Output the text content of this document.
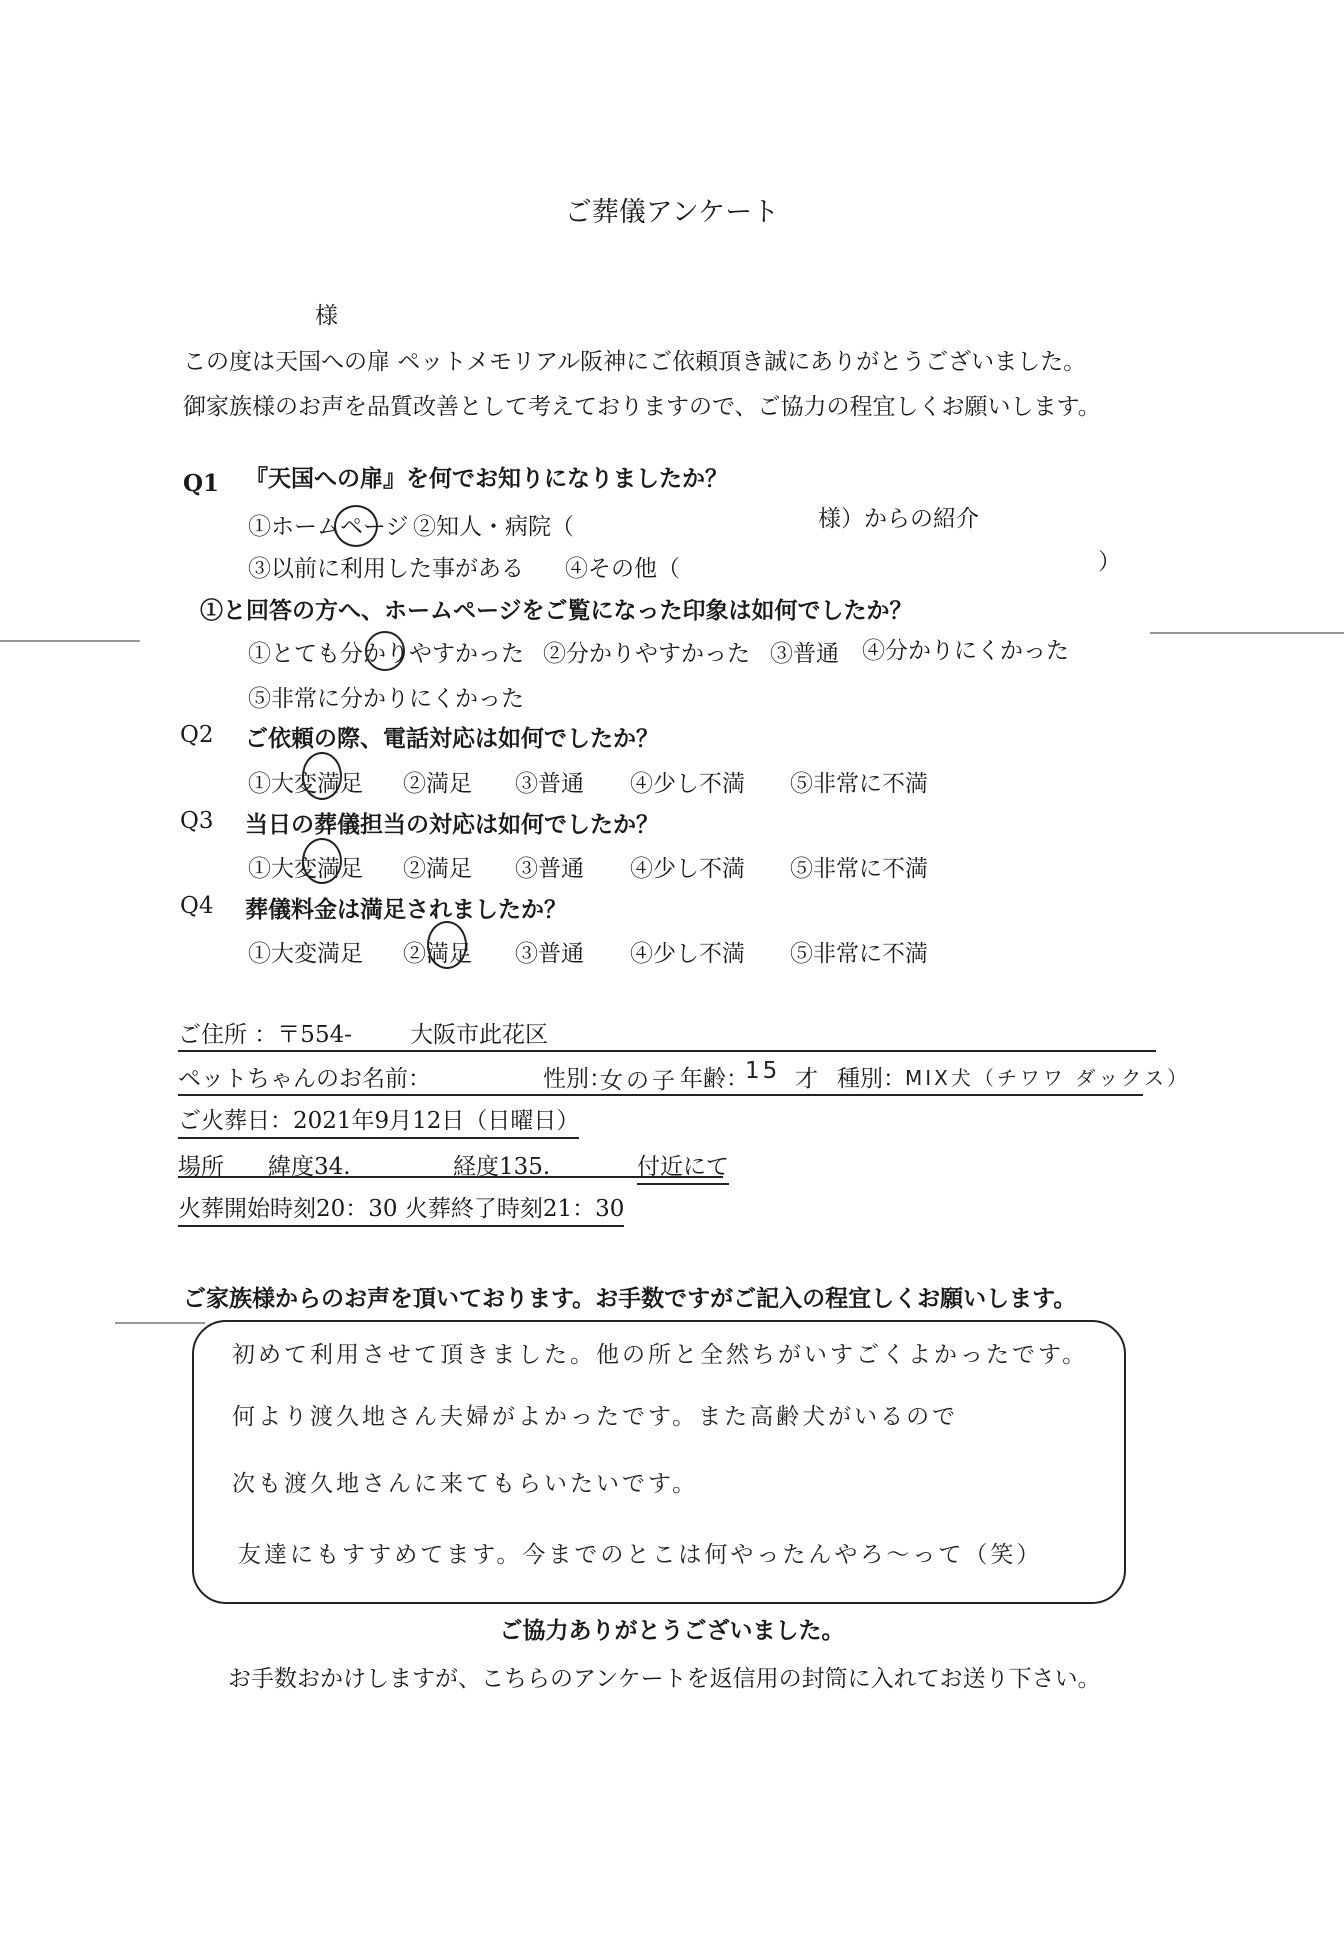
ご葬儀アンケート
様
この度は天国への扉 ペットメモリアル阪神にご依頼頂き誠にありがとうございました。
御家族様のお声を品質改善として考えておりますので、ご協力の程宜しくお願いします。
Q1 『天国への扉』を何でお知りになりましたか？
①ホームページ ②知人・病院（	様）からの紹介
③以前に利用した事がある ④その他（	）
①と回答の方へ、ホームページをご覧になった印象は如何でしたか？
①とても分かりやすかった ②分かりやすかった ③普通 ④分かりにくかった
⑤非常に分かりにくかった
Q2 ご依頼の際、電話対応は如何でしたか？
①大変満足 ②満足 ③普通 ④少し不満 ⑤非常に不満
Q3 当日の葬儀担当の対応は如何でしたか？
①大変満足 ②満足 ③普通 ④少し不満 ⑤非常に不満
Q4 葬儀料金は満足されましたか？
①大変満足 ②満足 ③普通 ④少し不満 ⑤非常に不満
ご住所 ：〒554-	大阪市此花区
ペットちゃんのお名前：	性別：
女の子 年齢：
15 才 種別： MIX犬（チワワ ダックス）
ご火葬日：2021年9月12日（日曜日）
場所 緯度34.	経度135.	付近にて
火葬開始時刻20：30 火葬終了時刻21：30
ご家族様からのお声を頂いております。お手数ですがご記入の程宜しくお願いします。
初めて利用させて頂きました。他の所と全然ちがいすごくよかったです。
何より渡久地さん夫婦がよかったです。また高齢犬がいるので
次も渡久地さんに来てもらいたいです。
友達にもすすめてます。今までのとこは何やったんやろ～って（笑）
ご協力ありがとうございました。
お手数おかけしますが、こちらのアンケートを返信用の封筒に入れてお送り下さい。
